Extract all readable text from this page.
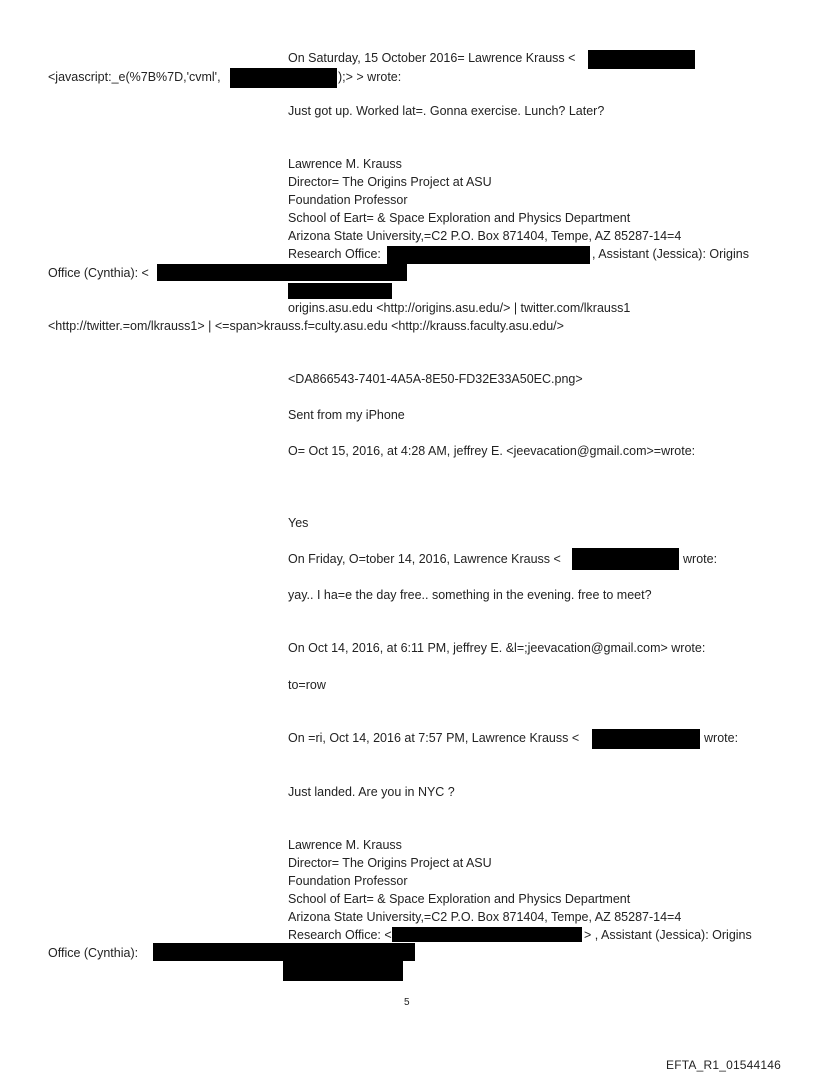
On Saturday, 15 October 2016= Lawrence Krauss <
<javascript:_e(%7B%7D,'cvml',	);> > wrote:
Just got up. Worked lat=. Gonna exercise. Lunch? Later?
Lawrence M. Krauss
Director= The Origins Project at ASU
Foundation Professor
School of Eart= & Space Exploration and Physics Department
Arizona State University,=C2 P.O. Box 871404, Tempe, AZ 85287-14=4
Research Office:	, Assistant (Jessica): Origins
Office (Cynthia): <
origins.asu.edu <http://origins.asu.edu/> | twitter.com/lkrauss1
<http://twitter.=om/lkrauss1> | <=span>krauss.f=culty.asu.edu <http://krauss.faculty.asu.edu/>
<DA866543-7401-4A5A-8E50-FD32E33A50EC.png>
Sent from my iPhone
O= Oct 15, 2016, at 4:28 AM, jeffrey E. <jeevacation@gmail.com>=wrote:
Yes
On Friday, O=tober 14, 2016, Lawrence Krauss <	wrote:
yay.. I ha=e the day free.. something in the evening. free to meet?
On Oct 14, 2016, at 6:11 PM, jeffrey E. &l=;jeevacation@gmail.com> wrote:
to=row
On =ri, Oct 14, 2016 at 7:57 PM, Lawrence Krauss <	wrote:
Just landed. Are you in NYC ?
Lawrence M. Krauss
Director= The Origins Project at ASU
Foundation Professor
School of Eart= & Space Exploration and Physics Department
Arizona State University,=C2 P.O. Box 871404, Tempe, AZ 85287-14=4
Research Office: <	> , Assistant (Jessica): Origins
Office (Cynthia):
5
EFTA_R1_01544146
